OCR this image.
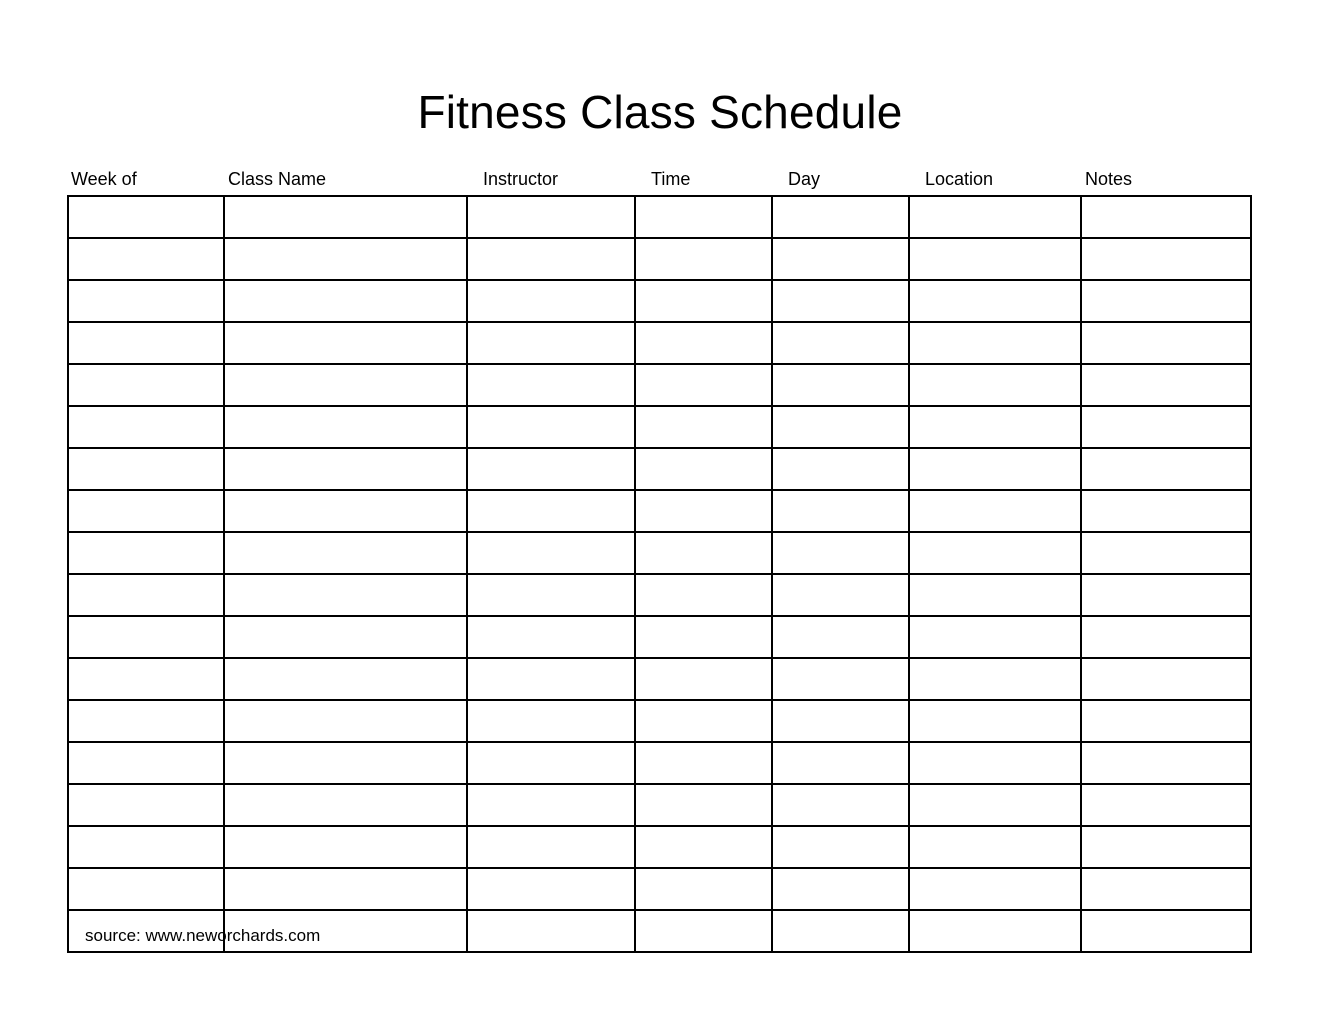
Fitness Class Schedule
Week of	Class Name	Instructor	Time	Day	Location	Notes

source: www.neworchards.com
